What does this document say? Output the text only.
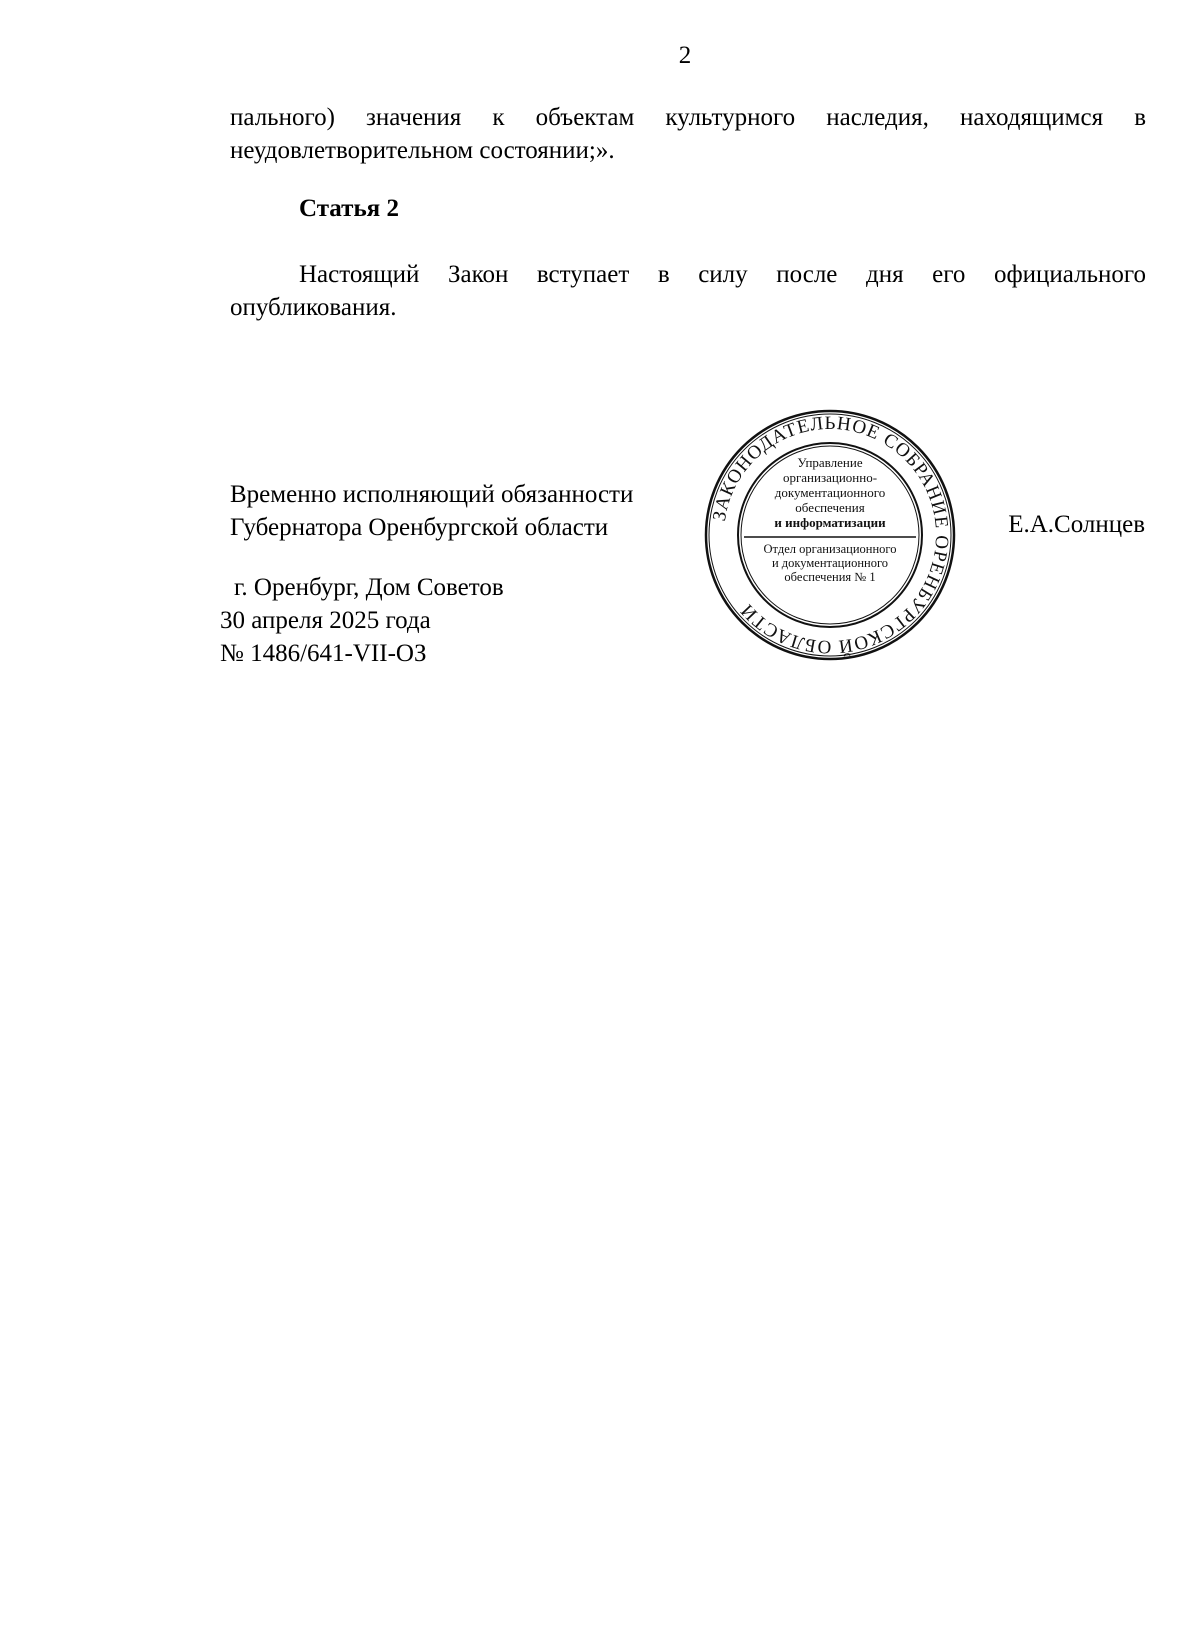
2
пального) значения к объектам культурного наследия, находящимся в
неудовлетворительном состоянии;».
Статья 2
Настоящий Закон вступает в силу после дня его официального
опубликования.
Временно исполняющий обязанности
Губернатора Оренбургской области	Е.А.Солнцев
г. Оренбург, Дом Советов
30 апреля 2025 года
№ 1486/641-VII-ОЗ
ЗАКОНОДАТЕЛЬНОЕ СОБРАНИЕ ОРЕНБУРГСКОЙ ОБЛАСТИ
Управление
организационно-
документационного
обеспечения
и информатизации
Отдел организационного
и документационного
обеспечения № 1
